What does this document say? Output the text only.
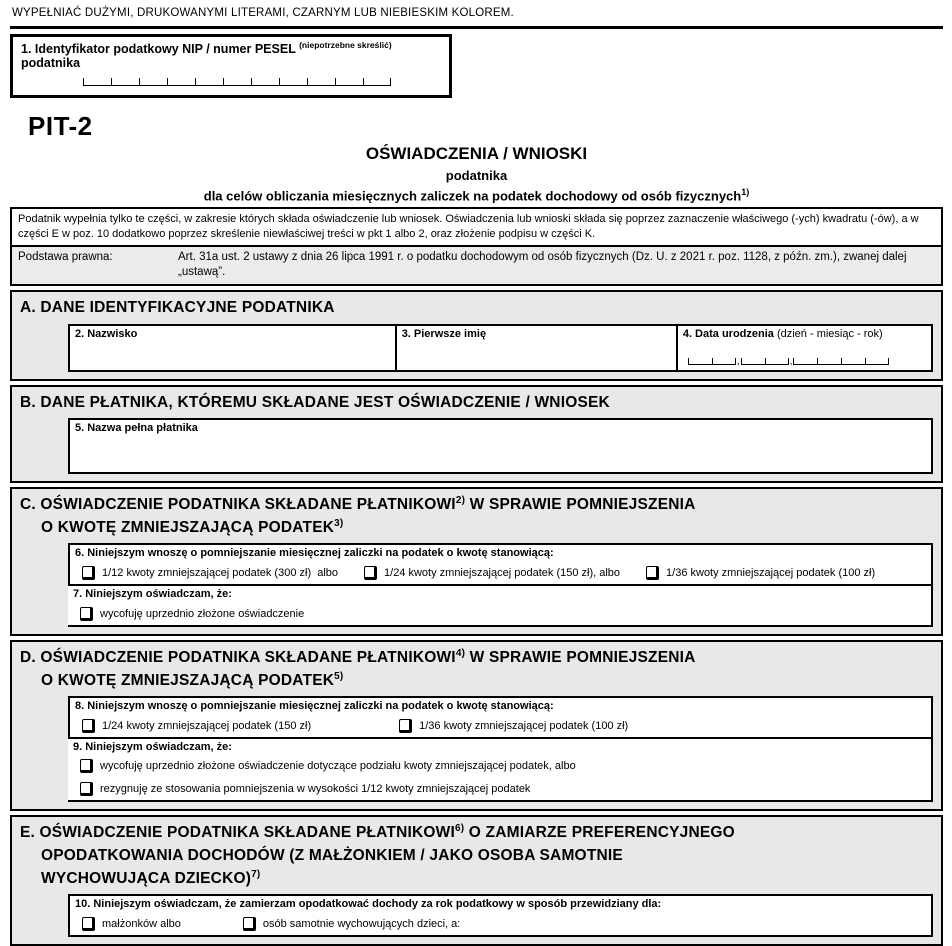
WYPEŁNIAĆ DUŻYMI, DRUKOWANYMI LITERAMI, CZARNYM LUB NIEBIESKIM KOLOREM.
1. Identyfikator podatkowy NIP / numer PESEL $^{(niepotrzebne skreślić)}$ podatnika
PIT-2
OŚWIADCZENIA / WNIOSKI
podatnika
dla celów obliczania miesięcznych zaliczek na podatek dochodowy od osób fizycznych$^{1)}$
Podatnik wypełnia tylko te części, w zakresie których składa oświadczenie lub wniosek. Oświadczenia lub wnioski składa się poprzez zaznaczenie właściwego (-ych) kwadratu (-ów), a w części E w poz. 10 dodatkowo poprzez skreślenie niewłaściwej treści w pkt 1 albo 2, oraz złożenie podpisu w części K.
Podstawa prawna:	Art. 31a ust. 2 ustawy z dnia 26 lipca 1991 r. o podatku dochodowym od osób fizycznych (Dz. U. z 2021 r. poz. 1128, z późn. zm.), zwanej dalej „ustawą”.
A. DANE IDENTYFIKACYJNE PODATNIKA
2. Nazwisko	3. Pierwsze imię	4. Data urodzenia (dzień - miesiąc - rok)
,	,
B. DANE PŁATNIKA, KTÓREMU SKŁADANE JEST OŚWIADCZENIE / WNIOSEK
5. Nazwa pełna płatnika
C. OŚWIADCZENIE PODATNIKA SKŁADANE PŁATNIKOWI$^{2)}$ W SPRAWIE POMNIEJSZENIA
O KWOTĘ ZMNIEJSZAJĄCĄ PODATEK$^{3)}$
6. Niniejszym wnoszę o pomniejszanie miesięcznej zaliczki na podatek o kwotę stanowiącą:
1/12 kwoty zmniejszającej podatek (300 zł)  albo	1/24 kwoty zmniejszającej podatek (150 zł), albo	1/36 kwoty zmniejszającej podatek (100 zł)
7. Niniejszym oświadczam, że:
wycofuję uprzednio złożone oświadczenie
D. OŚWIADCZENIE PODATNIKA SKŁADANE PŁATNIKOWI$^{4)}$ W SPRAWIE POMNIEJSZENIA
O KWOTĘ ZMNIEJSZAJĄCĄ PODATEK$^{5)}$
8. Niniejszym wnoszę o pomniejszanie miesięcznej zaliczki na podatek o kwotę stanowiącą:
1/24 kwoty zmniejszającej podatek (150 zł)	1/36 kwoty zmniejszającej podatek (100 zł)
9. Niniejszym oświadczam, że:
wycofuję uprzednio złożone oświadczenie dotyczące podziału kwoty zmniejszającej podatek, albo
rezygnuję ze stosowania pomniejszenia w wysokości 1/12 kwoty zmniejszającej podatek
E. OŚWIADCZENIE PODATNIKA SKŁADANE PŁATNIKOWI$^{6)}$ O ZAMIARZE PREFERENCYJNEGO
OPODATKOWANIA DOCHODÓW (Z MAŁŻONKIEM / JAKO OSOBA SAMOTNIE
WYCHOWUJĄCA DZIECKO)$^{7)}$
10. Niniejszym oświadczam, że zamierzam opodatkować dochody za rok podatkowy w sposób przewidziany dla:
małżonków albo	osób samotnie wychowujących dzieci, a:
